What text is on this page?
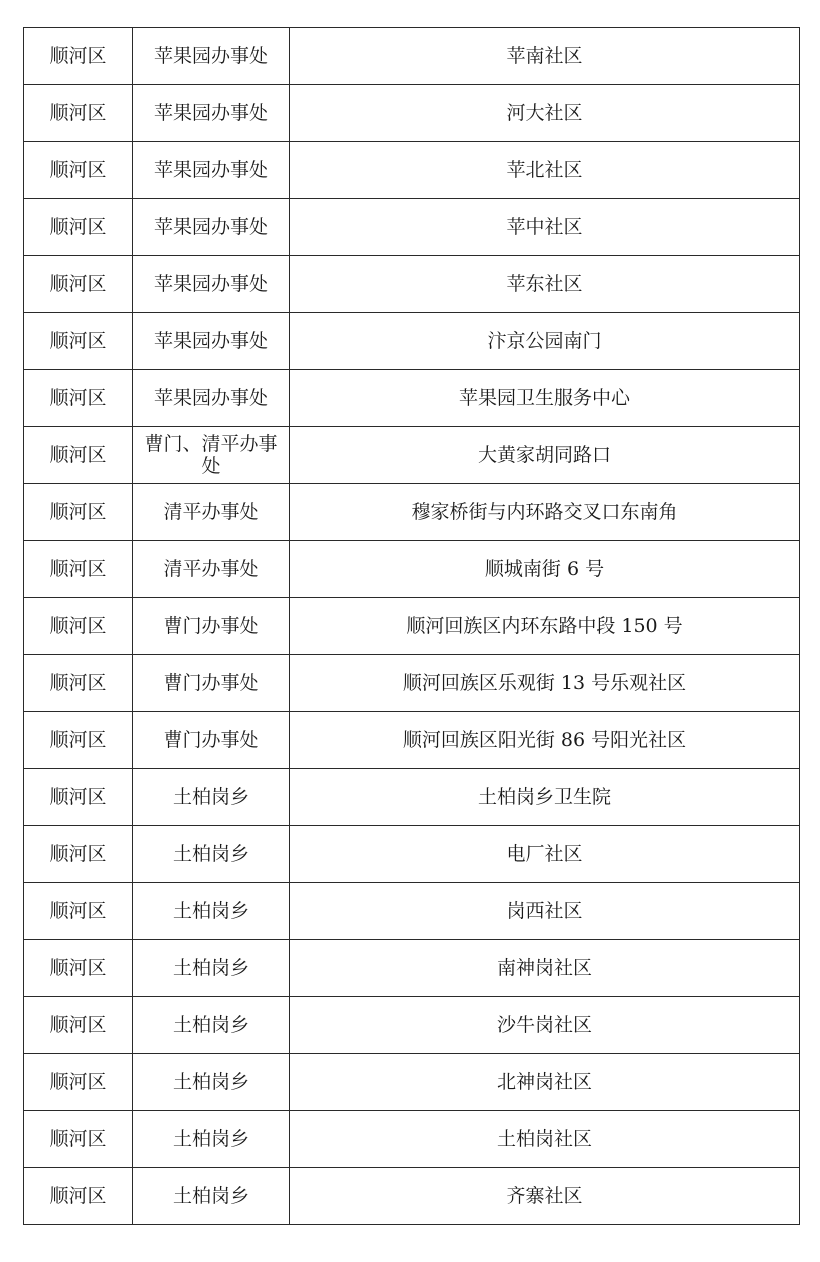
顺河区	苹果园办事处	苹南社区
顺河区	苹果园办事处	河大社区
顺河区	苹果园办事处	苹北社区
顺河区	苹果园办事处	苹中社区
顺河区	苹果园办事处	苹东社区
顺河区	苹果园办事处	汴京公园南门
顺河区	苹果园办事处	苹果园卫生服务中心
顺河区	曹门、清平办事处	大黄家胡同路口
顺河区	清平办事处	穆家桥街与内环路交叉口东南角
顺河区	清平办事处	顺城南街 6 号
顺河区	曹门办事处	顺河回族区内环东路中段 150 号
顺河区	曹门办事处	顺河回族区乐观街 13 号乐观社区
顺河区	曹门办事处	顺河回族区阳光街 86 号阳光社区
顺河区	土柏岗乡	土柏岗乡卫生院
顺河区	土柏岗乡	电厂社区
顺河区	土柏岗乡	岗西社区
顺河区	土柏岗乡	南神岗社区
顺河区	土柏岗乡	沙牛岗社区
顺河区	土柏岗乡	北神岗社区
顺河区	土柏岗乡	土柏岗社区
顺河区	土柏岗乡	齐寨社区
